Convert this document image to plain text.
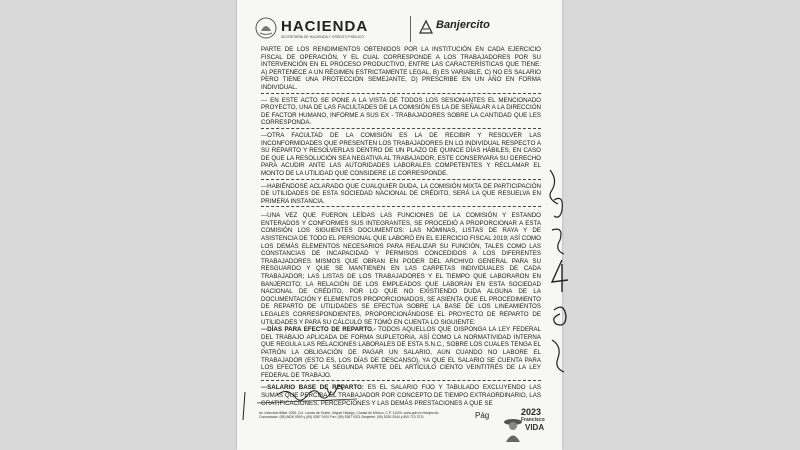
HACIENDA
SECRETARÍA DE HACIENDA Y CRÉDITO PÚBLICO
Banjercito

PARTE DE LOS RENDIMIENTOS OBTENIDOS POR LA INSTITUCIÓN EN CADA EJERCICIO FISCAL DE OPERACIÓN, Y EL CUAL CORRESPONDE A LOS TRABAJADORES POR SU INTERVENCIÓN EN EL PROCESO PRODUCTIVO, ENTRE LAS CARACTERÍSTICAS QUE TIENE: A) PERTENECE A UN RÉGIMEN ESTRICTAMENTE LEGAL, B) ES VARIABLE, C) NO ES SALARIO PERO TIENE UNA PROTECCIÓN SEMEJANTE, D) PRESCRIBE EN UN AÑO EN FORMA INDIVIDUAL.

--- EN ESTE ACTO SE PONE A LA VISTA DE TODOS LOS SESIONANTES EL MENCIONADO PROYECTO, UNA DE LAS FACULTADES DE LA COMISIÓN ES LA DE SEÑALAR A LA DIRECCIÓN DE FACTOR HUMANO, INFORME A SUS EX - TRABAJADORES SOBRE LA CANTIDAD QUE LES CORRESPONDA.

---OTRA FACULTAD DE LA COMISIÓN ES LA DE RECIBIR Y RESOLVER LAS INCONFORMIDADES QUE PRESENTEN LOS TRABAJADORES EN LO INDIVIDUAL RESPECTO A SU REPARTO Y RESOLVERLAS DENTRO DE UN PLAZO DE QUINCE DÍAS HÁBILES, EN CASO DE QUE LA RESOLUCIÓN SEA NEGATIVA AL TRABAJADOR, ESTE CONSERVARA SU DERECHO PARA ACUDIR ANTE LAS AUTORIDADES LABORALES COMPETENTES Y RECLAMAR EL MONTO DE LA UTILIDAD QUE CONSIDERE LE CORRESPONDE.

---HABIÉNDOSE ACLARADO QUE CUALQUIER DUDA, LA COMISIÓN MIXTA DE PARTICIPACIÓN DE UTILIDADES DE ESTA SOCIEDAD NACIONAL DE CRÉDITO, SERÁ LA QUE RESUELVA EN PRIMERA INSTANCIA.

---UNA VEZ QUE FUERON LEÍDAS LAS FUNCIONES DE LA COMISIÓN Y ESTANDO ENTERADOS Y CONFORMES SUS INTEGRANTES, SE PROCEDIÓ A PROPORCIONAR A ESTA COMISIÓN LOS SIGUIENTES DOCUMENTOS: LAS NÓMINAS, LISTAS DE RAYA Y DE ASISTENCIA DE TODO EL PERSONAL QUE LABORÓ EN EL EJERCICIO FISCAL 2019; ASÍ COMO LOS DEMÁS ELEMENTOS NECESARIOS PARA REALIZAR SU FUNCIÓN, TALES COMO LAS CONSTANCIAS DE INCAPACIDAD Y PERMISOS CONCEDIDOS A LOS DIFERENTES TRABAJADORES MISMOS QUE OBRAN EN PODER DEL ARCHIVO GENERAL PARA SU RESGUARDO Y QUE SE MANTIENEN EN LAS CARPETAS INDIVIDUALES DE CADA TRABAJADOR; LAS LISTAS DE LOS TRABAJADORES Y EL TIEMPO QUE LABORARON EN BANJERCITO; LA RELACIÓN DE LOS EMPLEADOS QUE LABORAN EN ESTA SOCIEDAD NACIONAL DE CRÉDITO, POR LO QUE NO EXISTIENDO DUDA ALGUNA DE LA DOCUMENTACIÓN Y ELEMENTOS PROPORCIONADOS, SE ASIENTA QUE EL PROCEDIMIENTO DE REPARTO DE UTILIDADES SE EFECTÚA SOBRE LA BASE DE LOS LINEAMIENTOS LEGALES CORRESPONDIENTES, PROPORCIONÁNDOSE EL PROYECTO DE REPARTO DE UTILIDADES Y PARA SU CÁLCULO SE TOMÓ EN CUENTA LO SIGUIENTE:

---DÍAS PARA EFECTO DE REPARTO.- TODOS AQUELLOS QUE DISPONGA LA LEY FEDERAL DEL TRABAJO APLICADA DE FORMA SUPLETORIA, ASÍ COMO LA NORMATIVIDAD INTERNA QUE REGULA LAS RELACIONES LABORALES DE ESTA S.N.C., SOBRE LOS CUALES TENGA EL PATRÓN LA OBLIGACIÓN DE PAGAR UN SALARIO, AUN CUANDO NO LABORE EL TRABAJADOR (ESTO ES, LOS DÍAS DE DESCANSO), YA QUE EL SALARIO SE CUENTA PARA LOS EFECTOS DE LA SEGUNDA PARTE DEL ARTÍCULO CIENTO VEINTITRÉS DE LA LEY FEDERAL DE TRABAJO.

---SALARIO BASE DE REPARTO: ES EL SALARIO FIJO Y TABULADO EXCLUYENDO LAS SUMAS QUE PERCIBA EL TRABAJADOR POR CONCEPTO DE TIEMPO EXTRAORDINARIO, LAS GRATIFICACIONES, PERCEPCIONES Y LAS DEMÁS PRESTACIONES A QUE SE

Av. Industria Militar 1055, Col. Lomas de Sotelo, Miguel Hidalgo, Ciudad de México, C.P. 11200. www.gob.mx/banjercito
Conmutador: (55) 5626 0500 y (55) 5387 9100 Fax: (55) 5387 9321 Banjertel: (55) 5326 3344 y 800 713 3711	Pág	2023
Francisco
VIDA
